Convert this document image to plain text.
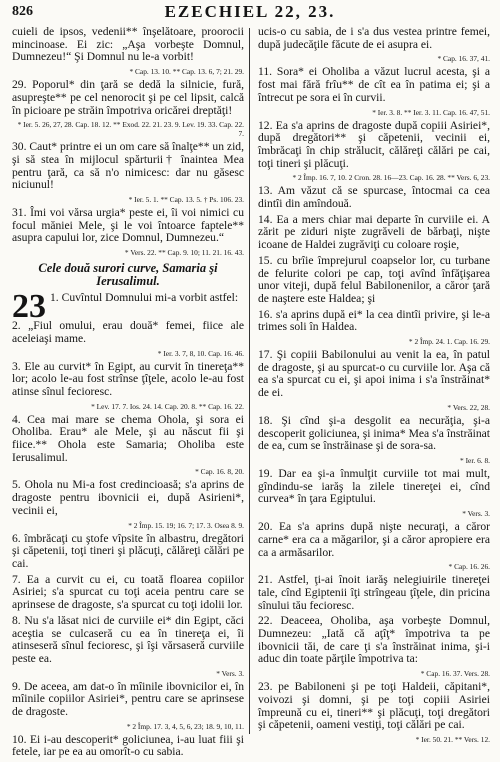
826	EZECHIEL 22, 23.

cuieli de ipsos, vedenii** înşelătoare, proorocii mincinoase. Ei zic: „Aşa vorbeşte Domnul, Dumnezeu!“ Şi Domnul nu le-a vorbit!

* Cap. 13. 10. ** Cap. 13. 6, 7; 21. 29.

29. Poporul* din ţară se dedă la silnicie, fură, asupreşte** pe cel nenorocit şi pe cel lipsit, calcă în picioare pe străin împotriva oricărei dreptăţi!

* Ier. 5. 26, 27, 28. Cap. 18. 12. ** Exod. 22. 21. 23. 9. Lev. 19. 33. Cap. 22. 7.

30. Caut* printre ei un om care să înalţe** un zid, şi să stea în mijlocul spărturii† înaintea Mea pentru ţară, ca să n'o nimicesc: dar nu găsesc niciunul!

* Ier. 5. 1. ** Cap. 13. 5. † Ps. 106. 23.

31. Îmi voi vărsa urgia* peste ei, îi voi nimici cu focul măniei Mele, şi le voi întoarce faptele** asupra capului lor, zice Domnul, Dumnezeu.“

* Vers. 22. ** Cap. 9. 10; 11. 21. 16. 43.
Cele două surori curve, Samaria şi Ierusalimul.
23 1. Cuvîntul Domnului mi-a vorbit astfel:

2. „Fiul omului, erau două* femei, fiice ale aceleiaşi mame.

* Ier. 3. 7, 8, 10. Cap. 16. 46.

3. Ele au curvit* în Egipt, au curvit în tinereţa** lor; acolo le-au fost strînse ţîţele, acolo le-au fost atinse sînul fecioresc.

* Lev. 17. 7. Ios. 24. 14. Cap. 20. 8. ** Cap. 16. 22.

4. Cea mai mare se chema Ohola, şi sora ei Oholiba. Erau* ale Mele, şi au născut fii şi fiice.** Ohola este Samaria; Oholiba este Ierusalimul.

* Cap. 16. 8, 20.

5. Ohola nu Mi-a fost credincioasă; s'a aprins de dragoste pentru ibovnicii ei, după Asirieni*, vecinii ei,

* 2 Împ. 15. 19; 16. 7; 17. 3. Osea 8. 9.

6. îmbrăcaţi cu ştofe vîpsite în albastru, dregători şi căpetenii, toţi tineri şi plăcuţi, călăreţi călări pe cai.

7. Ea a curvit cu ei, cu toată floarea copiilor Asiriei; s'a spurcat cu toţi aceia pentru care se aprinsese de dragoste, s'a spurcat cu toţi idolii lor.

8. Nu s'a lăsat nici de curviile ei* din Egipt, căci aceştia se culcaseră cu ea în tinereţa ei, îi atinseseră sînul fecioresc, şi îşi vărsaseră curviile peste ea.

* Vers. 3.

9. De aceea, am dat-o în mîinile ibovnicilor ei, în mîinile copiilor Asiriei*, pentru care se aprinsese de dragoste.

* 2 Împ. 17. 3, 4, 5, 6, 23; 18. 9, 10, 11.

10. Ei i-au descoperit* goliciunea, i-au luat fiii şi fetele, iar pe ea au omorît-o cu sabia.

ucis-o cu sabia, de i s'a dus vestea printre femei, după judecăţile făcute de ei asupra ei.

* Cap. 16. 37, 41.

11. Sora* ei Oholiba a văzut lucrul acesta, şi a fost mai fără frîu** de cît ea în patima ei; şi a întrecut pe sora ei în curvii.

* Ier. 3. 8. ** Ier. 3. 11. Cap. 16. 47, 51.

12. Ea s'a aprins de dragoste după copiii Asiriei*, după dregători** şi căpetenii, vecinii ei, îmbrăcaţi în chip strălucit, călăreţi călări pe cai, toţi tineri şi plăcuţi.

* 2 Împ. 16. 7, 10. 2 Cron. 28. 16—23. Cap. 16. 28. ** Vers. 6, 23.

13. Am văzut că se spurcase, întocmai ca cea dintîi din amîndouă.

14. Ea a mers chiar mai departe în curviile ei. A zărit pe ziduri nişte zugrăveli de bărbaţi, nişte icoane de Haldei zugrăviţi cu coloare roşie,

15. cu brîie împrejurul coapselor lor, cu turbane de felurite colori pe cap, toţi avînd înfăţişarea unor viteji, după felul Babilonenilor, a căror ţară de naştere este Haldea; şi

16. s'a aprins după ei* la cea dintîi privire, şi le-a trimes soli în Haldea.

* 2 Împ. 24. 1. Cap. 16. 29.

17. Şi copiii Babilonului au venit la ea, în patul de dragoste, şi au spurcat-o cu curviile lor. Aşa că ea s'a spurcat cu ei, şi apoi inima i s'a înstrăinat* de ei.

* Vers. 22, 28.

18. Şi cînd şi-a desgolit ea necurăţia, şi-a descoperit goliciunea, şi inima* Mea s'a înstrăinat de ea, cum se înstrăinase şi de sora-sa.

* Ier. 6. 8.

19. Dar ea şi-a înmulţit curviile tot mai mult, gîndindu-se iarăş la zilele tinereţei ei, cînd curvea* în ţara Egiptului.

* Vers. 3.

20. Ea s'a aprins după nişte necuraţi, a căror carne* era ca a măgarilor, şi a căror apropiere era ca a armăsarilor.

* Cap. 16. 26.

21. Astfel, ţi-ai înoit iarăş nelegiuirile tinereţei tale, cînd Egiptenii îţi strîngeau ţîţele, din pricina sînului tău fecioresc.

22. Deaceea, Oholiba, aşa vorbeşte Domnul, Dumnezeu: „Iată că aţîţ* împotriva ta pe ibovnicii tăi, de care ţi s'a înstrăinat inima, şi-i aduc din toate părţile împotriva ta:

* Cap. 16. 37. Vers. 28.

23. pe Babiloneni şi pe toţi Haldeii, căpitani*, voivozi şi domni, şi pe toţi copiii Asiriei împreună cu ei, tineri** şi plăcuţi, toţi dregători şi căpetenii, oameni vestiţi, toţi călări pe cai.

* Ier. 50. 21. ** Vers. 12.
